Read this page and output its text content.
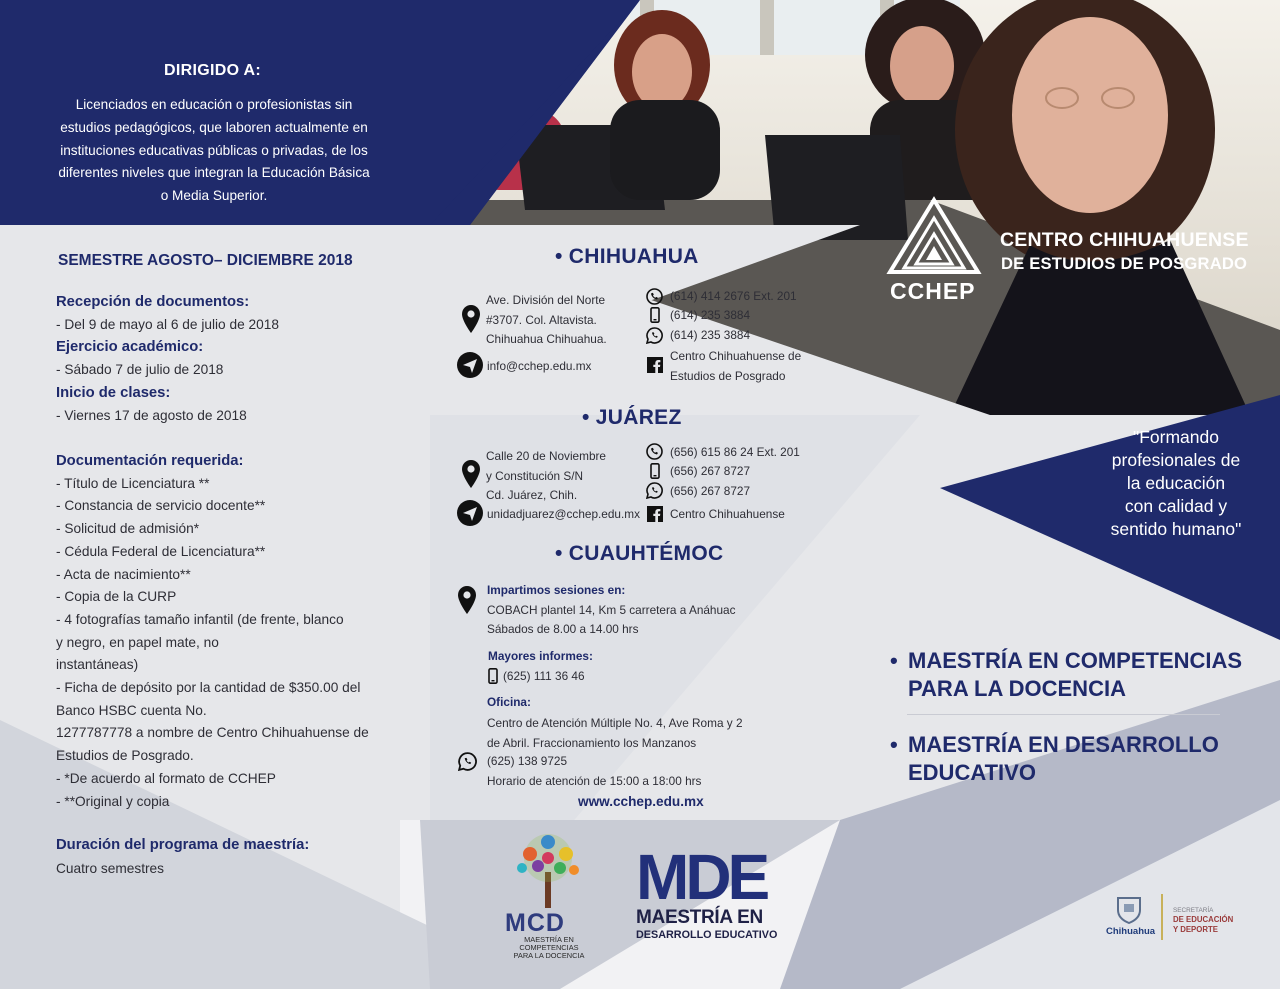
DIRIGIDO A:
Licenciados en educación o profesionistas sin
estudios pedagógicos, que laboren actualmente en
instituciones educativas públicas o privadas, de los
diferentes niveles que integran la Educación Básica
o Media Superior.
SEMESTRE AGOSTO– DICIEMBRE 2018
Recepción de documentos:
- Del 9 de mayo al 6 de julio de 2018
Ejercicio académico:
- Sábado 7 de julio de 2018
Inicio de clases:
- Viernes 17 de agosto de 2018
Documentación requerida:
- Título de Licenciatura **
- Constancia de servicio docente**
- Solicitud de admisión*
- Cédula Federal de Licenciatura**
- Acta de nacimiento**
- Copia de la CURP
- 4 fotografías tamaño infantil (de frente, blanco
y negro, en papel mate, no
instantáneas)
- Ficha de depósito por la cantidad de $350.00 del
Banco HSBC cuenta No.
1277787778 a nombre de Centro Chihuahuense de
Estudios de Posgrado.
- *De acuerdo al formato de CCHEP
- **Original y copia
Duración del programa de maestría:
Cuatro semestres
• CHIHUAHUA
Ave. División del Norte
#3707. Col. Altavista.
Chihuahua Chihuahua.
info@cchep.edu.mx
(614) 414 2676 Ext. 201
(614) 235 3884
(614) 235 3884
Centro Chihuahuense de
Estudios de Posgrado
• JUÁREZ
Calle 20 de Noviembre
y Constitución S/N
Cd. Juárez, Chih.
unidadjuarez@cchep.edu.mx
(656) 615 86 24 Ext. 201
(656) 267 8727
(656) 267 8727
Centro Chihuahuense
• CUAUHTÉMOC
Impartimos sesiones en:
COBACH plantel 14, Km 5 carretera a Anáhuac
Sábados de 8.00 a 14.00 hrs
Mayores informes:
(625) 111 36 46
Oficina:
Centro de Atención Múltiple No. 4, Ave Roma y 2
de Abril. Fraccionamiento los Manzanos
(625) 138 9725
Horario de atención de 15:00 a 18:00 hrs
www.cchep.edu.mx
CCHEP
CENTRO CHIHUAHUENSE
DE ESTUDIOS DE POSGRADO
"Formando
profesionales de
la educación
con calidad y
sentido humano"
• MAESTRÍA EN COMPETENCIAS
PARA LA DOCENCIA
• MAESTRÍA EN DESARROLLO
EDUCATIVO
MCD
MAESTRÍA EN
COMPETENCIAS
PARA LA DOCENCIA
MDE
MAESTRÍA EN
DESARROLLO EDUCATIVO	Chihuahua
SECRETARÍA
DE EDUCACIÓN
Y DEPORTE
